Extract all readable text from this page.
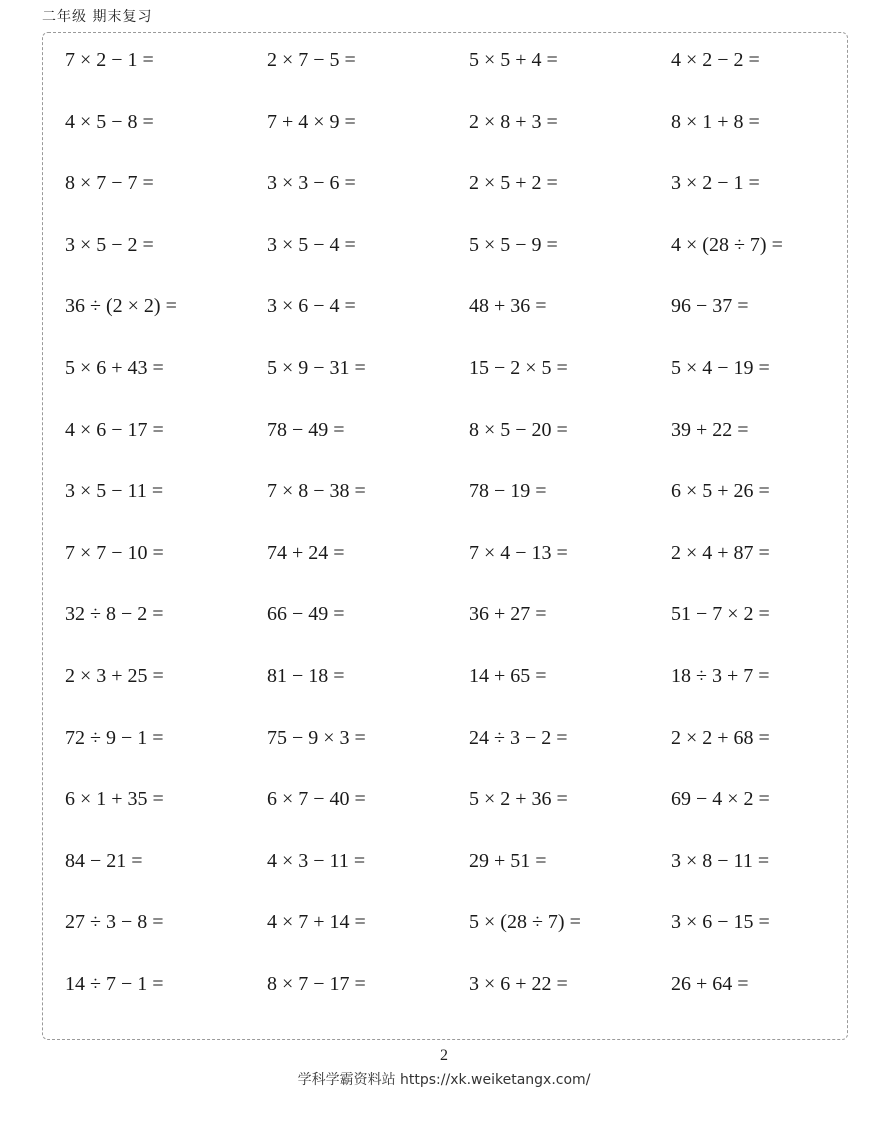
二年级 期末复习
7 × 2 − 1 =	2 × 7 − 5 =	5 × 5 + 4 =	4 × 2 − 2 =
4 × 5 − 8 =	7 + 4 × 9 =	2 × 8 + 3 =	8 × 1 + 8 =
8 × 7 − 7 =	3 × 3 − 6 =	2 × 5 + 2 =	3 × 2 − 1 =
3 × 5 − 2 =	3 × 5 − 4 =	5 × 5 − 9 =	4 × (28 ÷ 7) =
36 ÷ (2 × 2) =	3 × 6 − 4 =	48 + 36 =	96 − 37 =
5 × 6 + 43 =	5 × 9 − 31 =	15 − 2 × 5 =	5 × 4 − 19 =
4 × 6 − 17 =	78 − 49 =	8 × 5 − 20 =	39 + 22 =
3 × 5 − 11 =	7 × 8 − 38 =	78 − 19 =	6 × 5 + 26 =
7 × 7 − 10 =	74 + 24 =	7 × 4 − 13 =	2 × 4 + 87 =
32 ÷ 8 − 2 =	66 − 49 =	36 + 27 =	51 − 7 × 2 =
2 × 3 + 25 =	81 − 18 =	14 + 65 =	18 ÷ 3 + 7 =
72 ÷ 9 − 1 =	75 − 9 × 3 =	24 ÷ 3 − 2 =	2 × 2 + 68 =
6 × 1 + 35 =	6 × 7 − 40 =	5 × 2 + 36 =	69 − 4 × 2 =
84 − 21 =	4 × 3 − 11 =	29 + 51 =	3 × 8 − 11 =
27 ÷ 3 − 8 =	4 × 7 + 14 =	5 × (28 ÷ 7) =	3 × 6 − 15 =
14 ÷ 7 − 1 =	8 × 7 − 17 =	3 × 6 + 22 =	26 + 64 =
2
学科学霸资料站 https://xk.weiketangx.com/
